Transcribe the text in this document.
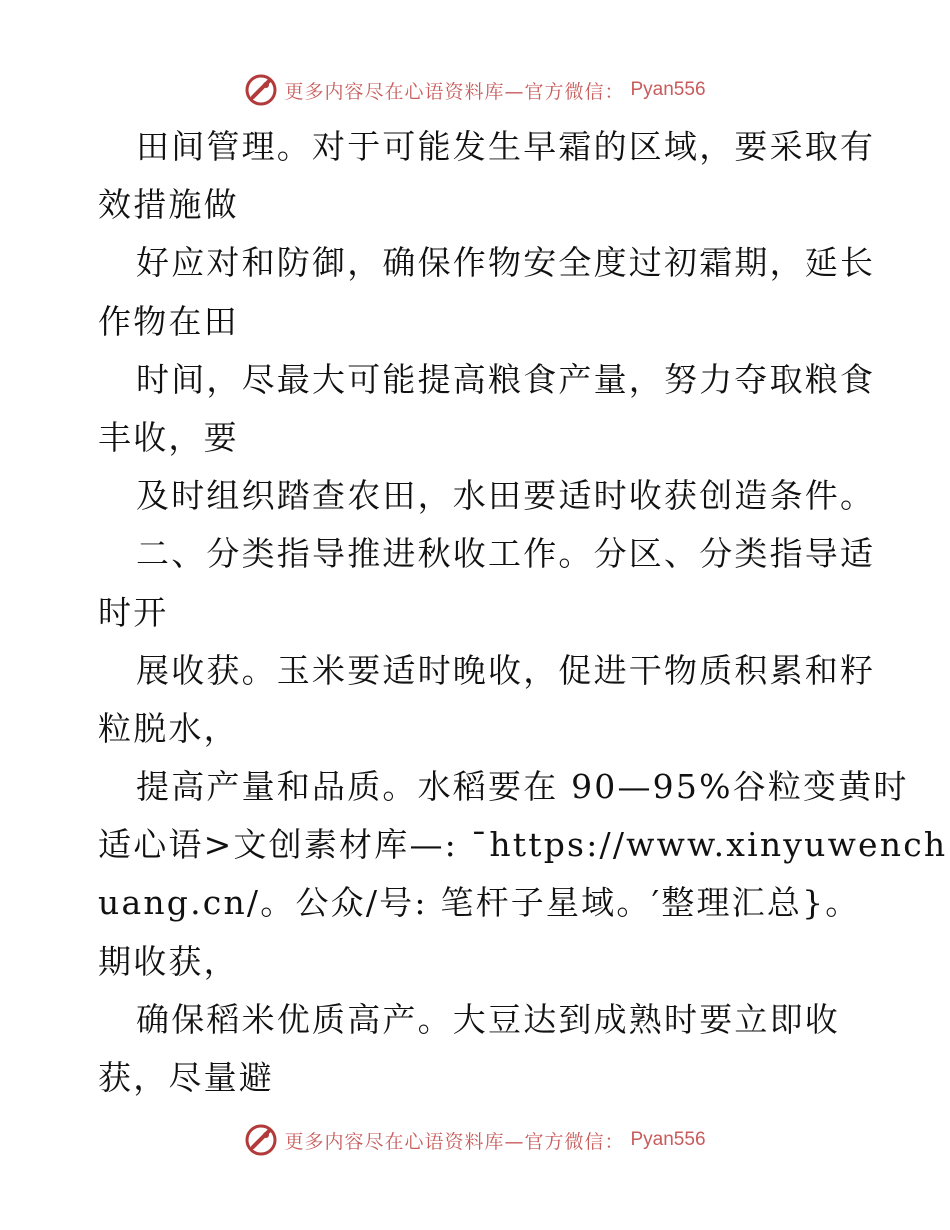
更多内容尽在心语资料库—官方微信： Pyan556
田间管理。对于可能发生早霜的区域，要采取有
效措施做
好应对和防御，确保作物安全度过初霜期，延长
作物在田
时间，尽最大可能提高粮食产量，努力夺取粮食
丰收，要
及时组织踏查农田，水田要适时收获创造条件。
二、分类指导推进秋收工作。分区、分类指导适
时开
展收获。玉米要适时晚收，促进干物质积累和籽
粒脱水，
提高产量和品质。水稻要在 90—95%谷粒变黄时
适心语>文创素材库—: ¯https://www.xinyuwench
uang.cn/。公众/号: 笔杆子星域。′整理汇总}。
期收获，
确保稻米优质高产。大豆达到成熟时要立即收
获，尽量避
更多内容尽在心语资料库—官方微信： Pyan556
